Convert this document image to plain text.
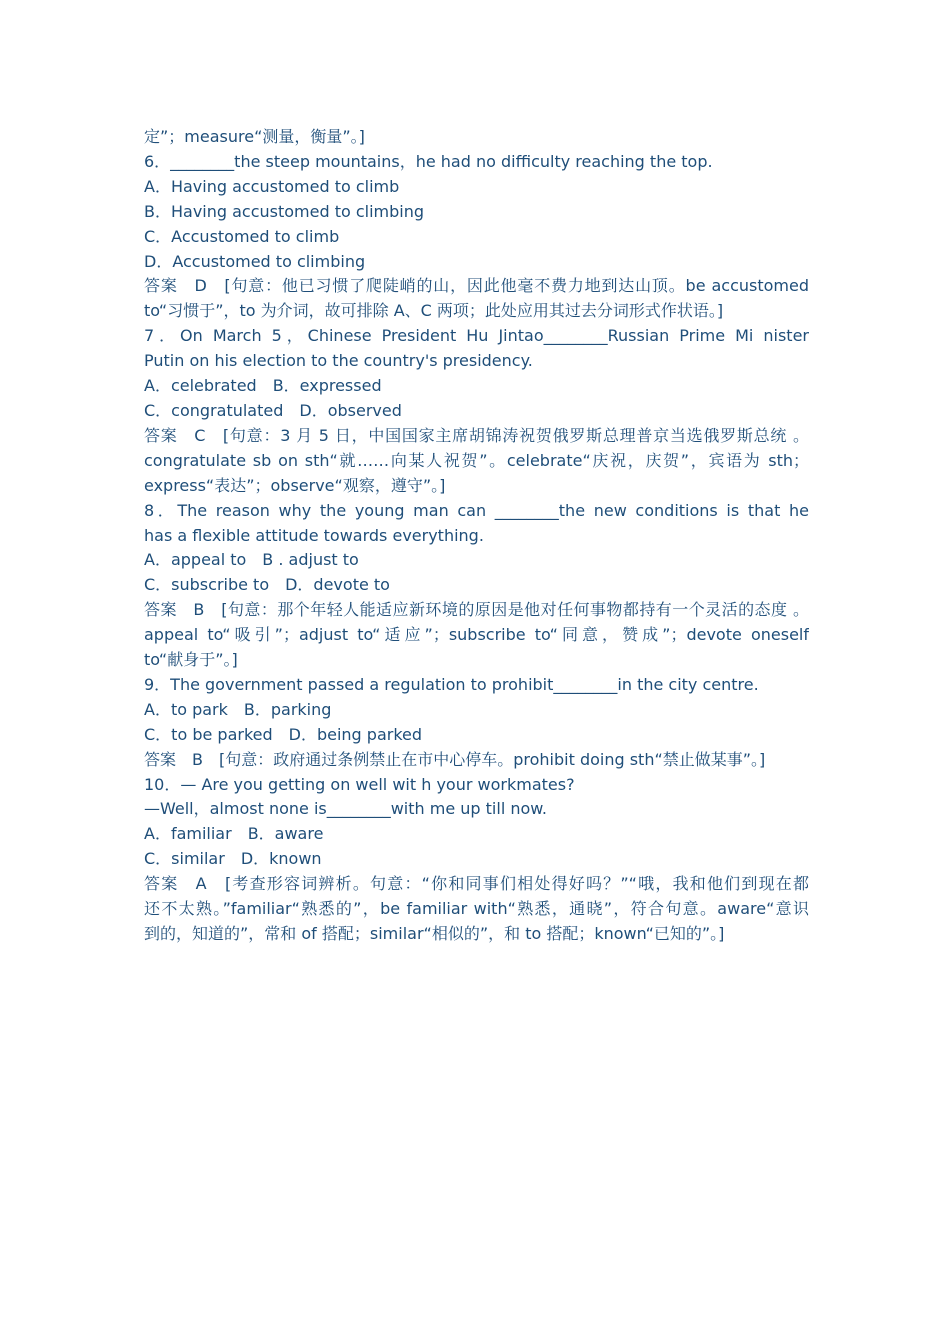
定”；measure“测量，衡量”。]
6．________the steep mountains，he had no difficulty reaching the top.
A．Having accustomed to climb
B．Having accustomed to climbing
C．Accustomed to climb
D．Accustomed to climbing
答案　D　[句意：他已习惯了爬陡峭的山，因此他毫不费力地到达山顶。be accustomed
to“习惯于”，to 为介词，故可排除 A、C 两项；此处应用其过去分词形式作状语。]
7．On March 5，Chinese President Hu Jintao________Russian Prime Mi nister
Putin on his election to the country's presidency.
A．celebrated　B．expressed
C．congratulated　D．observed
答案　C　[句意：3 月 5 日，中国国家主席胡锦涛祝贺俄罗斯总理普京当选俄罗斯总统 。
congratulate sb on sth“就……向某人祝贺”。celebrate“庆祝，庆贺”，宾语为 sth；
express“表达”；observe“观察，遵守”。]
8．The reason why the young man can ________the new conditions is that he
has a flexible attitude towards everything.
A．appeal to　B . adjust to
C．subscribe to　D．devote to
答案　B　[句意：那个年轻人能适应新环境的原因是他对任何事物都持有一个灵活的态度 。
appeal to“吸引”；adjust to“适应”；subscribe to“同意，赞成”；devote oneself
to“献身于”。]
9．The government passed a regulation to prohibit________in the city centre.
A．to park　B．parking
C．to be parked　D．being parked
答案　B　[句意：政府通过条例禁止在市中心停车。prohibit doing sth“禁止做某事”。]
10．— Are you getting on well wit h your workmates?
—Well，almost none is________with me up till now.
A．familiar　B．aware
C．similar　D．known
答案　A　[考查形容词辨析。句意：“你和同事们相处得好吗？”“哦，我和他们到现在都
还不太熟。”familiar“熟悉的”，be familiar with“熟悉，通晓”，符合句意。aware“意识
到的，知道的”，常和 of 搭配；similar“相似的”，和 to 搭配；known“已知的”。]
